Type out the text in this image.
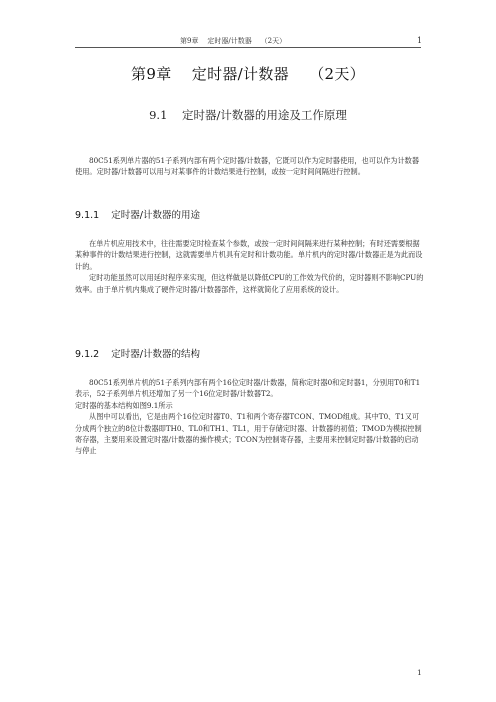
第9章    定时器/计数器    （2天）	1
第9章    定时器/计数器    （2天）
9.1    定时器/计数器的用途及工作原理

80C51系列单片器的51子系列内部有两个定时器/计数器，它既可以作为定时器使用，也可以作为计数器使用。定时器/计数器可以用与对某事件的计数结果进行控制，或按一定时间间隔进行控制。

9.1.1    定时器/计数器的用途

在单片机应用技术中，往往需要定时检查某个参数，或按一定时间间隔来进行某种控制；有时还需要根据某种事件的计数结果进行控制，这就需要单片机具有定时和计数功能。单片机内的定时器/计数器正是为此而设计的。

定时功能虽然可以用延时程序来实现，但这样做是以降低CPU的工作效为代价的，定时器则不影响CPU的效率。由于单片机内集成了硬件定时器/计数器部件，这样就简化了应用系统的设计。

9.1.2    定时器/计数器的结构

80C51系列单片机的51子系列内部有两个16位定时器/计数器，简称定时器0和定时器1，分别用T0和T1表示，52子系列单片机还增加了另一个16位定时器/计数器T2。

定时器的基本结构如图9.1所示

从图中可以看出，它是由两个16位定时器T0、T1和两个寄存器TCON、TMOD组成。其中T0、T1又可分成两个独立的8位计数器即TH0、TL0和TH1、TL1，用于存储定时器、计数器的初值；TMOD为模拟控制寄存器，主要用来设置定时器/计数器的操作模式；TCON为控制寄存器，主要用来控制定时器/计数器的启动与停止

1
